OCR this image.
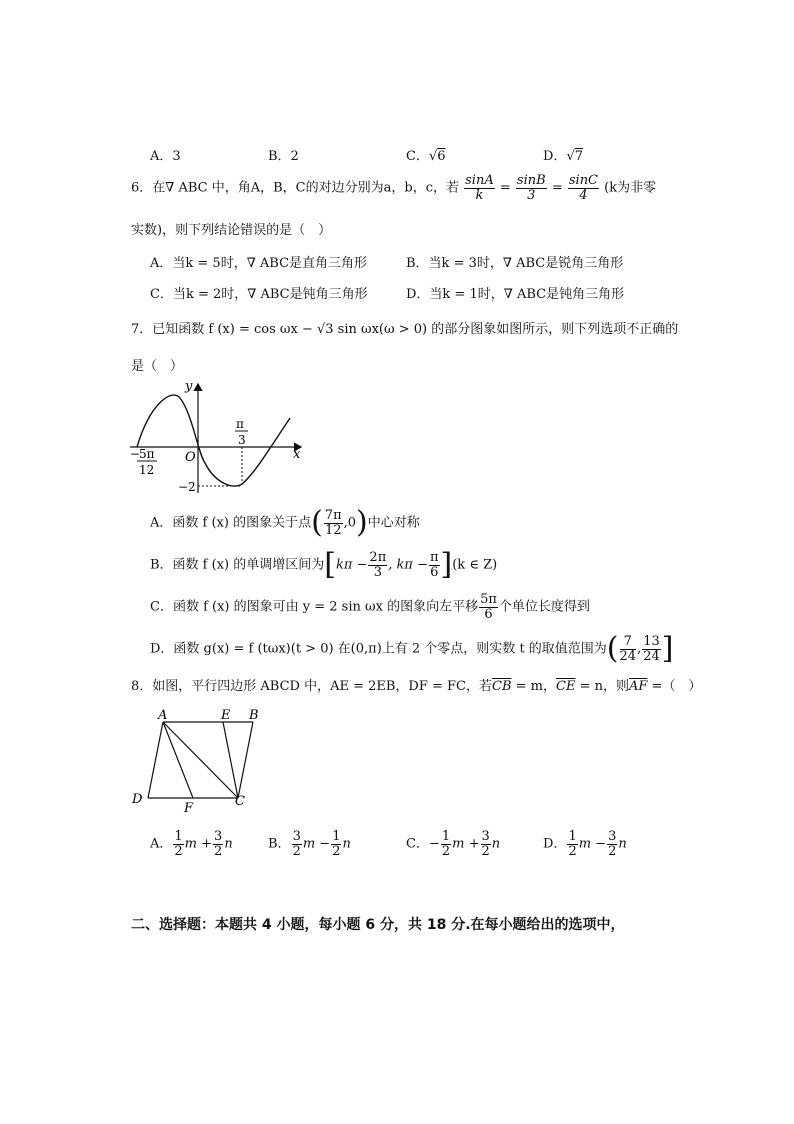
A．3	B．2	C．√6	D．√7
6．在∇ ABC 中，角A，B，C的对边分别为a，b，c，若 $\frac{\sin A}{k} = \frac{\sin B}{3} = \frac{\sin C}{4} (k$为非零
实数)，则下列结论错误的是（　）
A．当k = 5时，∇ ABC是直角三角形	B．当k = 3时，∇ ABC是锐角三角形
C．当k = 2时，∇ ABC是钝角三角形	D．当k = 1时，∇ ABC是钝角三角形
7．已知函数 f (x) = cos ωx − √3 sin ωx(ω > 0) 的部分图象如图所示，则下列选项不正确的
是（　）
y
x
O
π
3
−
5π
12
−2
A．函数 f (x) 的图象关于点( $\frac{7\pi}{12} ,0$)中心对称
B．函数 f (x) 的单调增区间为[$k\pi - \frac{2\pi}{3}$ , $k\pi - \frac{\pi}{6} ](k$ ∈ Z)
C．函数 f (x) 的图象可由 y = 2 sin ωx 的图象向左平移 $\frac{5\pi}{6}$ 个单位长度得到
D．函数 g(x) = f (tωx)(t > 0) 在(0,π)上有 2 个零点，则实数 t 的取值范围为( $\frac{7}{24}$ , $\frac{13}{24}$ ]
8．如图，平行四边形 ABCD 中，AE = 2EB，DF = FC，若$\overline{CB} = m$，$\overline{CE} = n$，则$\overline{AF}$ =（　）
A	E B
D
F	C
A． $\frac{1}{2}$ $m + \frac{3}{2}$ n	B． $\frac{3}{2}$ $m - \frac{1}{2}$ n	C．− $\frac{1}{2}$ $m + \frac{3}{2}$ n	D． $\frac{1}{2}$ $m - \frac{3}{2}$ n
二、选择题：本题共 4 小题，每小题 6 分，共 18 分.在每小题给出的选项中，
